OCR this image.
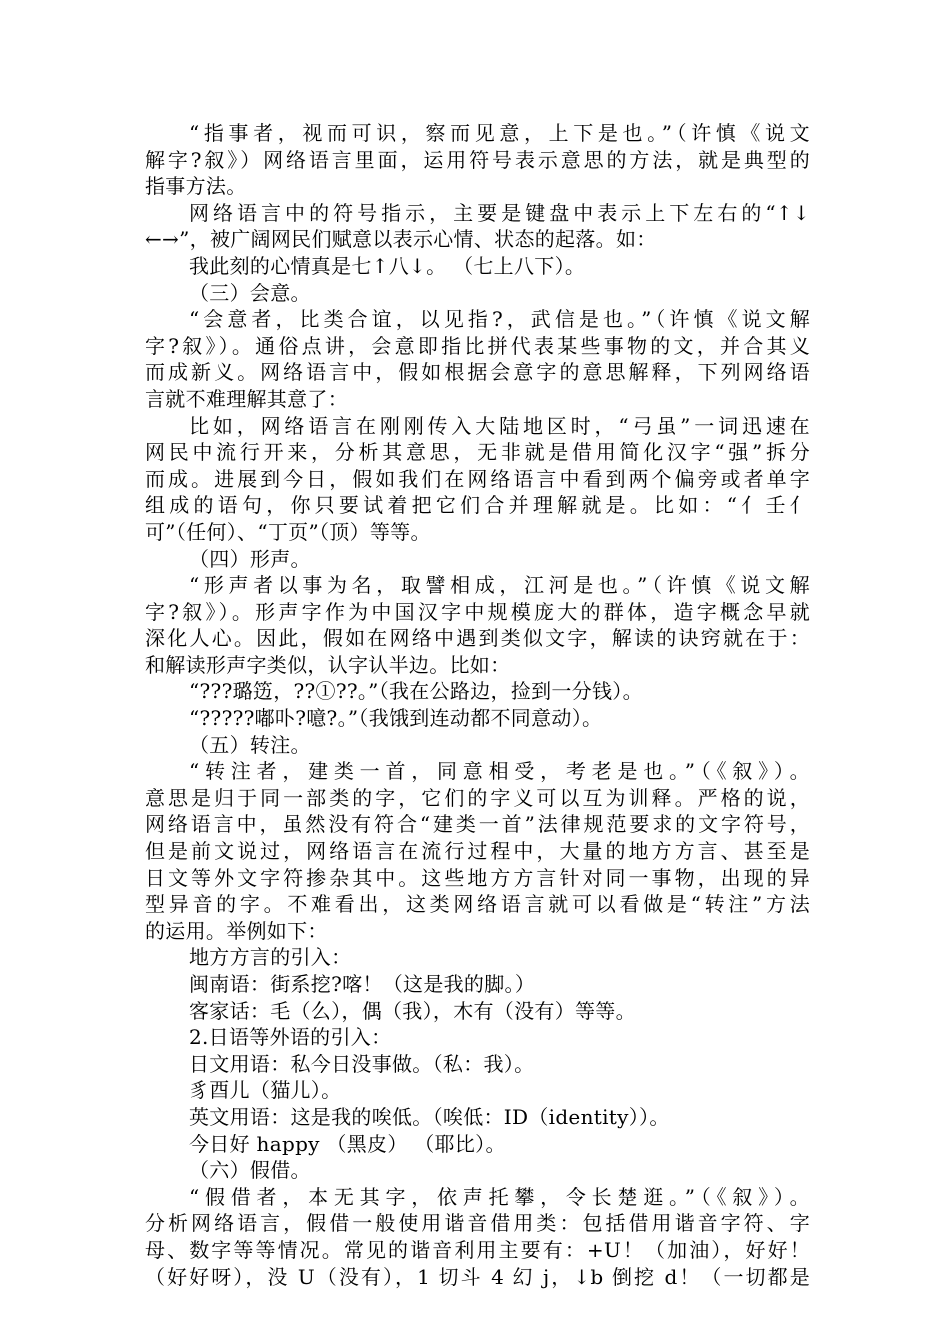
“指事者，视而可识，察而见意，上下是也。”（许慎《说文
解字?叙》）网络语言里面，运用符号表示意思的方法，就是典型的
指事方法。
网络语言中的符号指示，主要是键盘中表示上下左右的“↑↓
←→”，被广阔网民们赋意以表示心情、状态的起落。如：
我此刻的心情真是七↑八↓。 （七上八下）。
（三）会意。
“会意者，比类合谊，以见指?，武信是也。”（许慎《说文解
字?叙》）。通俗点讲，会意即指比拼代表某些事物的文，并合其义
而成新义。网络语言中，假如根据会意字的意思解释，下列网络语
言就不难理解其意了：
比如，网络语言在刚刚传入大陆地区时，“弓虽”一词迅速在
网民中流行开来，分析其意思，无非就是借用简化汉字“强”拆分
而成。进展到今日，假如我们在网络语言中看到两个偏旁或者单字
组成的语句，你只要试着把它们合并理解就是。比如：“亻壬亻
可”（任何）、“丁页”（顶）等等。
（四）形声。
“形声者以事为名，取譬相成，江河是也。”（许慎《说文解
字?叙》）。形声字作为中国汉字中规模庞大的群体，造字概念早就
深化人心。因此，假如在网络中遇到类似文字，解读的诀窍就在于：
和解读形声字类似，认字认半边。比如：
“???璐笾，??①??。”（我在公路边，捡到一分钱）。
“?????嘟卟?噫?。”（我饿到连动都不同意动）。
（五）转注。
“转注者，建类一首，同意相受，考老是也。”（《叙》）。
意思是归于同一部类的字，它们的字义可以互为训释。严格的说，
网络语言中，虽然没有符合“建类一首”法律规范要求的文字符号，
但是前文说过，网络语言在流行过程中，大量的地方方言、甚至是
日文等外文字符掺杂其中。这些地方方言针对同一事物，出现的异
型异音的字。不难看出，这类网络语言就可以看做是“转注”方法
的运用。举例如下：
地方方言的引入：
闽南语：街系挖?喀！（这是我的脚。）
客家话：毛（么），偶（我），木有（没有）等等。
2.日语等外语的引入：
日文用语：私今日没事做。（私：我）。
豸酉儿（猫儿）。
英文用语：这是我的唉低。（唉低：ID（identity））。
今日好 happy （黑皮） （耶比）。
（六）假借。
“假借者，本无其字，依声托攀，令长楚逛。”（《叙》）。
分析网络语言，假借一般使用谐音借用类：包括借用谐音字符、字
母、数字等等情况。常见的谐音利用主要有：+U！（加油），好好！
（好好呀），没 U（没有），1 切斗 4 幻 j，↓b 倒挖 d！（一切都是
